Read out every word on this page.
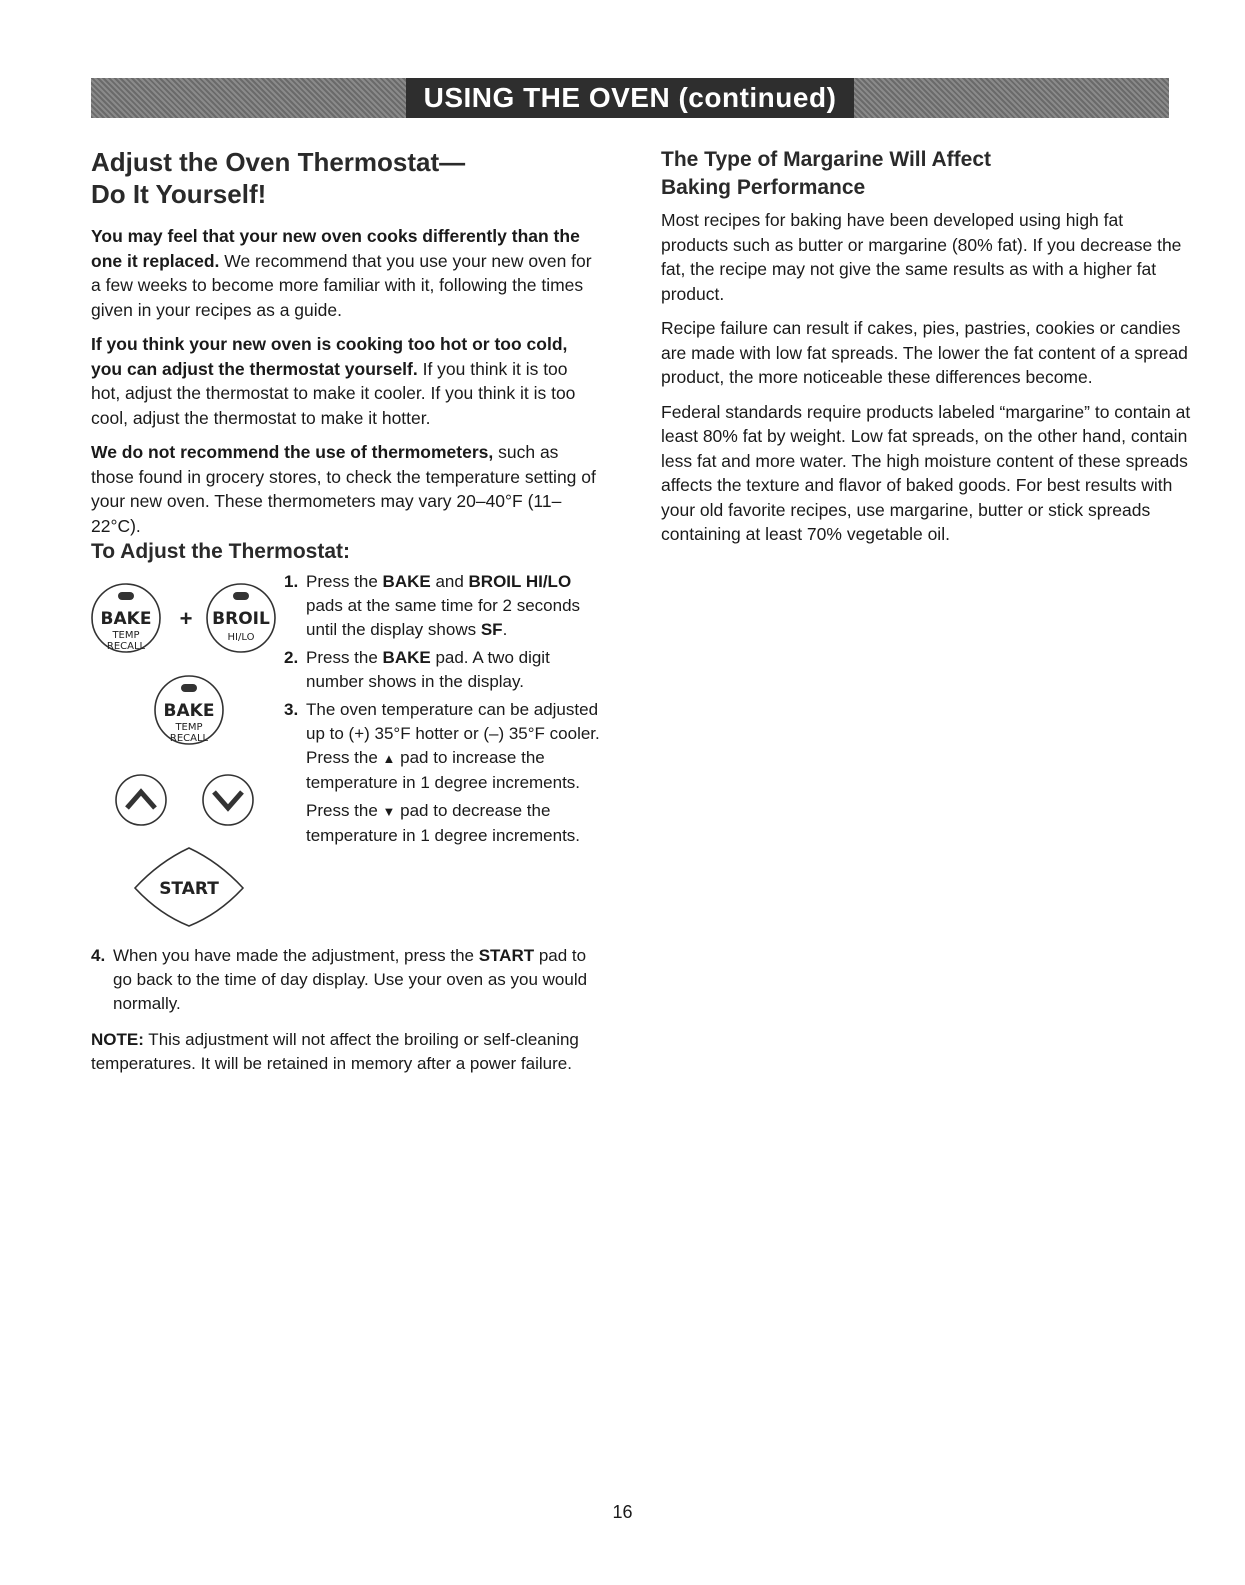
USING THE OVEN (continued)
Adjust the Oven Thermostat—
Do It Yourself!

You may feel that your new oven cooks differently than the one it replaced. We recommend that you use your new oven for a few weeks to become more familiar with it, following the times given in your recipes as a guide.

If you think your new oven is cooking too hot or too cold, you can adjust the thermostat yourself. If you think it is too hot, adjust the thermostat to make it cooler. If you think it is too cool, adjust the thermostat to make it hotter.

We do not recommend the use of thermometers, such as those found in grocery stores, to check the temperature setting of your new oven. These thermometers may vary 20–40°F (11–22°C).

To Adjust the Thermostat:
BAKE
TEMP
RECALL
+ BROIL
HI/LO
BAKE
TEMP
RECALL
START
1. Press the BAKE and BROIL HI/LO pads at the same time for 2 seconds until the display shows SF.
2. Press the BAKE pad. A two digit number shows in the display.
3. The oven temperature can be adjusted up to (+) 35°F hotter or (–) 35°F cooler. Press the ▲ pad to increase the temperature in 1 degree increments.
Press the ▼ pad to decrease the temperature in 1 degree increments.
4. When you have made the adjustment, press the START pad to go back to the time of day display. Use your oven as you would normally.

NOTE: This adjustment will not affect the broiling or self-cleaning temperatures. It will be retained in memory after a power failure.

The Type of Margarine Will Affect
Baking Performance

Most recipes for baking have been developed using high fat products such as butter or margarine (80% fat). If you decrease the fat, the recipe may not give the same results as with a higher fat product.

Recipe failure can result if cakes, pies, pastries, cookies or candies are made with low fat spreads. The lower the fat content of a spread product, the more noticeable these differences become.

Federal standards require products labeled “margarine” to contain at least 80% fat by weight. Low fat spreads, on the other hand, contain less fat and more water. The high moisture content of these spreads affects the texture and flavor of baked goods. For best results with your old favorite recipes, use margarine, butter or stick spreads containing at least 70% vegetable oil.

16
